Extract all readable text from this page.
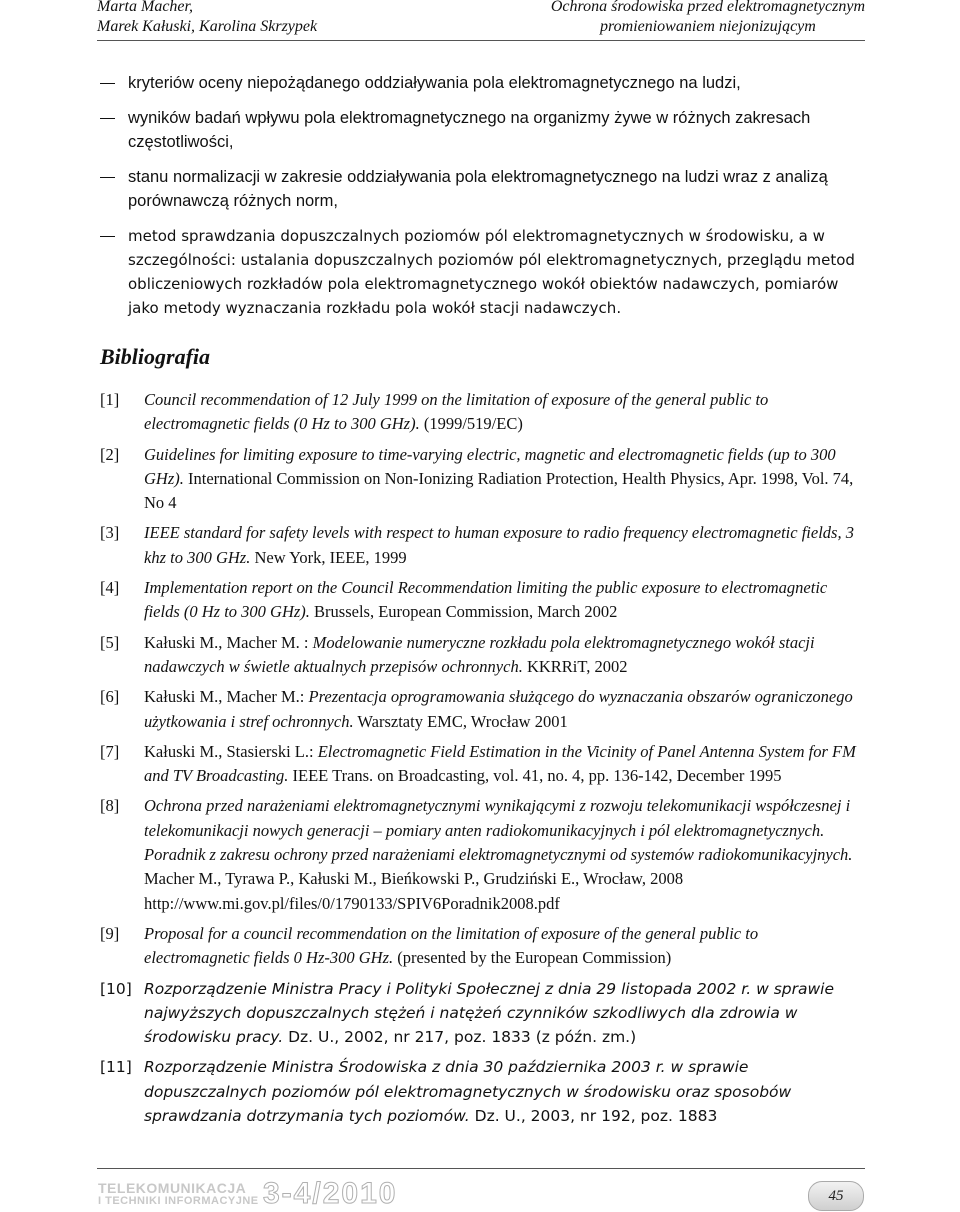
Marta Macher,
Marek Kałuski, Karolina Skrzypek
Ochrona środowiska przed elektromagnetycznym
promieniowaniem niejonizującym
kryteriów oceny niepożądanego oddziaływania pola elektromagnetycznego na ludzi,
wyników badań wpływu pola elektromagnetycznego na organizmy żywe w różnych zakresach częstotliwości,
stanu normalizacji w zakresie oddziaływania pola elektromagnetycznego na ludzi wraz z analizą porównawczą różnych norm,
metod sprawdzania dopuszczalnych poziomów pól elektromagnetycznych w środowisku, a w szczególności: ustalania dopuszczalnych poziomów pól elektromagnetycznych, przeglądu metod obliczeniowych rozkładów pola elektromagnetycznego wokół obiektów nadawczych, pomiarów jako metody wyznaczania rozkładu pola wokół stacji nadawczych.
Bibliografia
[1] Council recommendation of 12 July 1999 on the limitation of exposure of the general public to electromagnetic fields (0 Hz to 300 GHz). (1999/519/EC)
[2] Guidelines for limiting exposure to time-varying electric, magnetic and electromagnetic fields (up to 300 GHz). International Commission on Non-Ionizing Radiation Protection, Health Physics, Apr. 1998, Vol. 74, No 4
[3] IEEE standard for safety levels with respect to human exposure to radio frequency electromagnetic fields, 3 khz to 300 GHz. New York, IEEE, 1999
[4] Implementation report on the Council Recommendation limiting the public exposure to electromagnetic fields (0 Hz to 300 GHz). Brussels, European Commission, March 2002
[5] Kałuski M., Macher M. : Modelowanie numeryczne rozkładu pola elektromagnetycznego wokół stacji nadawczych w świetle aktualnych przepisów ochronnych. KKRRiT, 2002
[6] Kałuski M., Macher M.: Prezentacja oprogramowania służącego do wyznaczania obszarów ograniczonego użytkowania i stref ochronnych. Warsztaty EMC, Wrocław 2001
[7] Kałuski M., Stasierski L.: Electromagnetic Field Estimation in the Vicinity of Panel Antenna System for FM and TV Broadcasting. IEEE Trans. on Broadcasting, vol. 41, no. 4, pp. 136-142, December 1995
[8] Ochrona przed narażeniami elektromagnetycznymi wynikającymi z rozwoju telekomunikacji współczesnej i telekomunikacji nowych generacji – pomiary anten radiokomunikacyjnych i pól elektromagnetycznych. Poradnik z zakresu ochrony przed narażeniami elektromagnetycznymi od systemów radiokomunikacyjnych. Macher M., Tyrawa P., Kałuski M., Bieńkowski P., Grudziński E., Wrocław, 2008 http://www.mi.gov.pl/files/0/1790133/SPIV6Poradnik2008.pdf
[9] Proposal for a council recommendation on the limitation of exposure of the general public to electromagnetic fields 0 Hz-300 GHz. (presented by the European Commission)
[10] Rozporządzenie Ministra Pracy i Polityki Społecznej z dnia 29 listopada 2002 r. w sprawie najwyższych dopuszczalnych stężeń i natężeń czynników szkodliwych dla zdrowia w środowisku pracy. Dz. U., 2002, nr 217, poz. 1833 (z późn. zm.)
[11] Rozporządzenie Ministra Środowiska z dnia 30 października 2003 r. w sprawie dopuszczalnych poziomów pól elektromagnetycznych w środowisku oraz sposobów sprawdzania dotrzymania tych poziomów. Dz. U., 2003, nr 192, poz. 1883
TELEKOMUNIKACJA
I TECHNIKI INFORMACYJNE 3-4/2010	45
